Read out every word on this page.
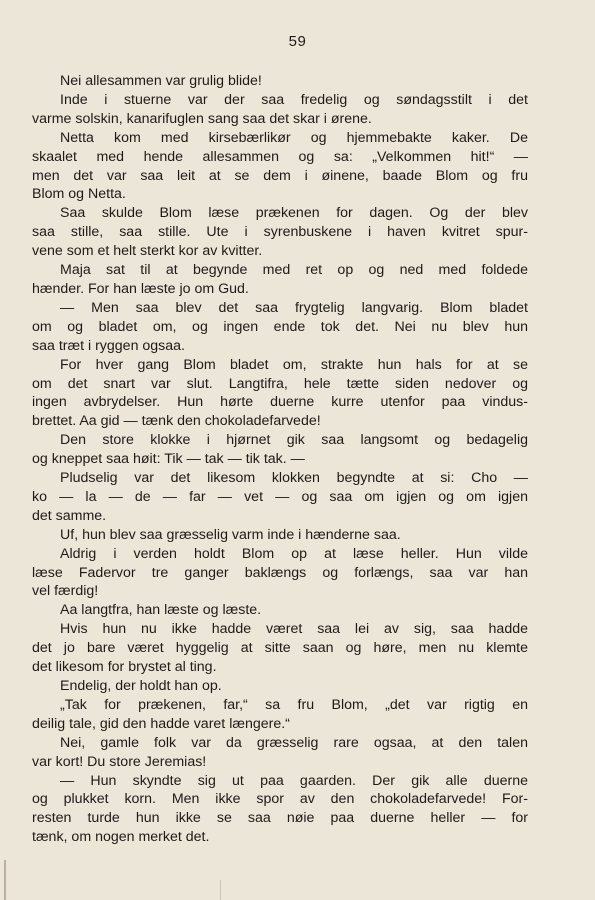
59
Nei allesammen var grulig blide!
Inde i stuerne var der saa fredelig og søndagsstilt i det
varme solskin, kanarifuglen sang saa det skar i ørene.
Netta kom med kirsebærlikør og hjemmebakte kaker. De
skaalet med hende allesammen og sa: „Velkommen hit!“ —
men det var saa leit at se dem i øinene, baade Blom og fru
Blom og Netta.
Saa skulde Blom læse prækenen for dagen. Og der blev
saa stille, saa stille. Ute i syrenbuskene i haven kvitret spur-
vene som et helt sterkt kor av kvitter.
Maja sat til at begynde med ret op og ned med foldede
hænder. For han læste jo om Gud.
— Men saa blev det saa frygtelig langvarig. Blom bladet
om og bladet om, og ingen ende tok det. Nei nu blev hun
saa træt i ryggen ogsaa.
For hver gang Blom bladet om, strakte hun hals for at se
om det snart var slut. Langtifra, hele tætte siden nedover og
ingen avbrydelser. Hun hørte duerne kurre utenfor paa vindus-
brettet. Aa gid — tænk den chokoladefarvede!
Den store klokke i hjørnet gik saa langsomt og bedagelig
og kneppet saa høit: Tik — tak — tik tak. —
Pludselig var det likesom klokken begyndte at si: Cho —
ko — la — de — far — vet — og saa om igjen og om igjen
det samme.
Uf, hun blev saa græsselig varm inde i hænderne saa.
Aldrig i verden holdt Blom op at læse heller. Hun vilde
læse Fadervor tre ganger baklængs og forlængs, saa var han
vel færdig!
Aa langtfra, han læste og læste.
Hvis hun nu ikke hadde været saa lei av sig, saa hadde
det jo bare været hyggelig at sitte saan og høre, men nu klemte
det likesom for brystet al ting.
Endelig, der holdt han op.
„Tak for prækenen, far,“ sa fru Blom, „det var rigtig en
deilig tale, gid den hadde varet længere.“
Nei, gamle folk var da græsselig rare ogsaa, at den talen
var kort! Du store Jeremias!
— Hun skyndte sig ut paa gaarden. Der gik alle duerne
og plukket korn. Men ikke spor av den chokoladefarvede! For-
resten turde hun ikke se saa nøie paa duerne heller — for
tænk, om nogen merket det.
